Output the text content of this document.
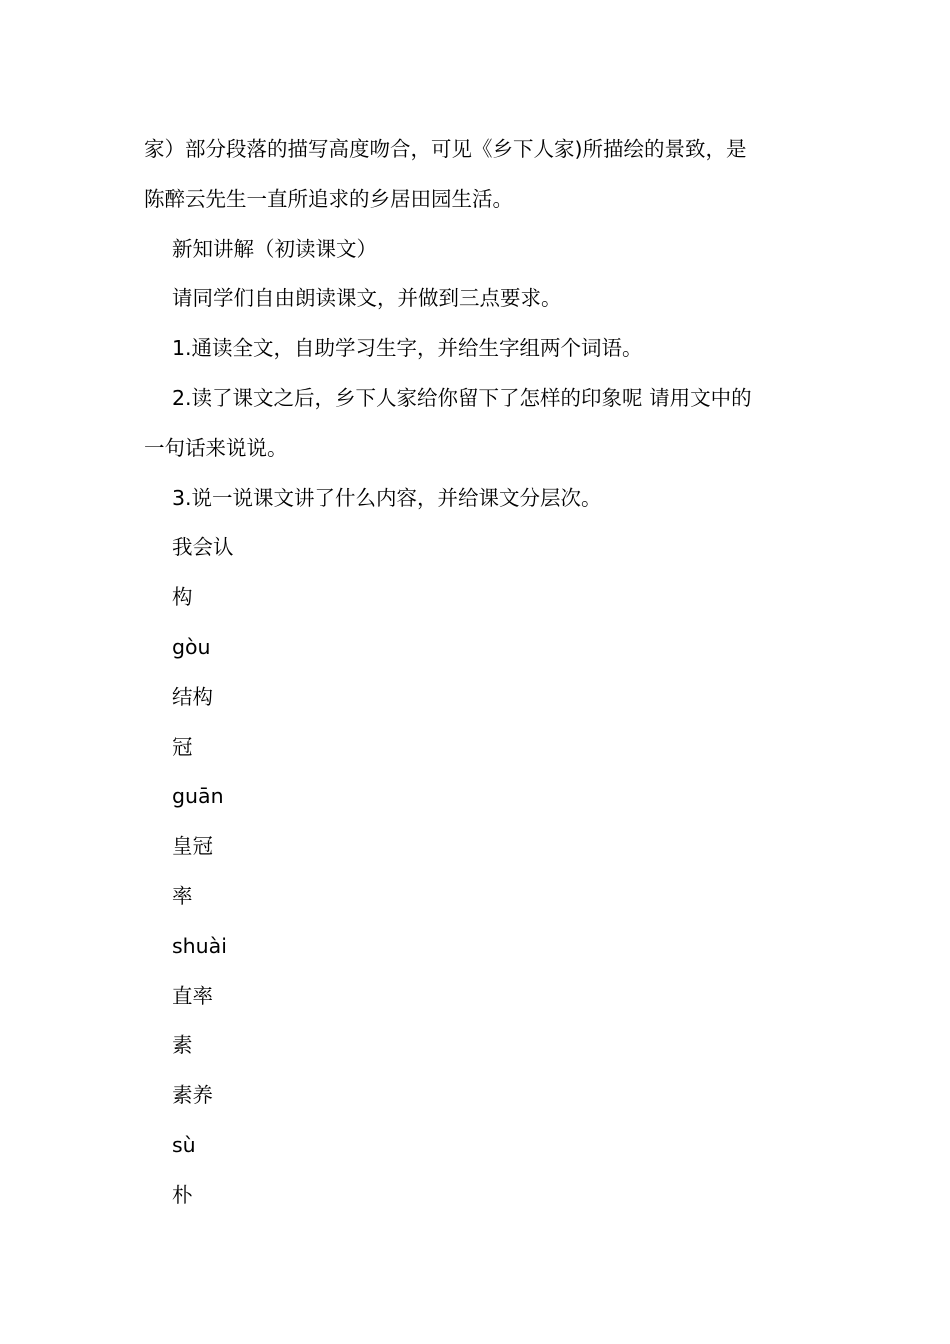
家）部分段落的描写高度吻合，可见《乡下人家)所描绘的景致，是

陈醉云先生一直所追求的乡居田园生活。

新知讲解（初读课文）

请同学们自由朗读课文，并做到三点要求。

1.通读全文，自助学习生字，并给生字组两个词语。

2.读了课文之后，乡下人家给你留下了怎样的印象呢 请用文中的

一句话来说说。

3.说一说课文讲了什么内容，并给课文分层次。

我会认

构

gòu

结构

冠

guān

皇冠

率

shuài

直率

素

素养

sù

朴
